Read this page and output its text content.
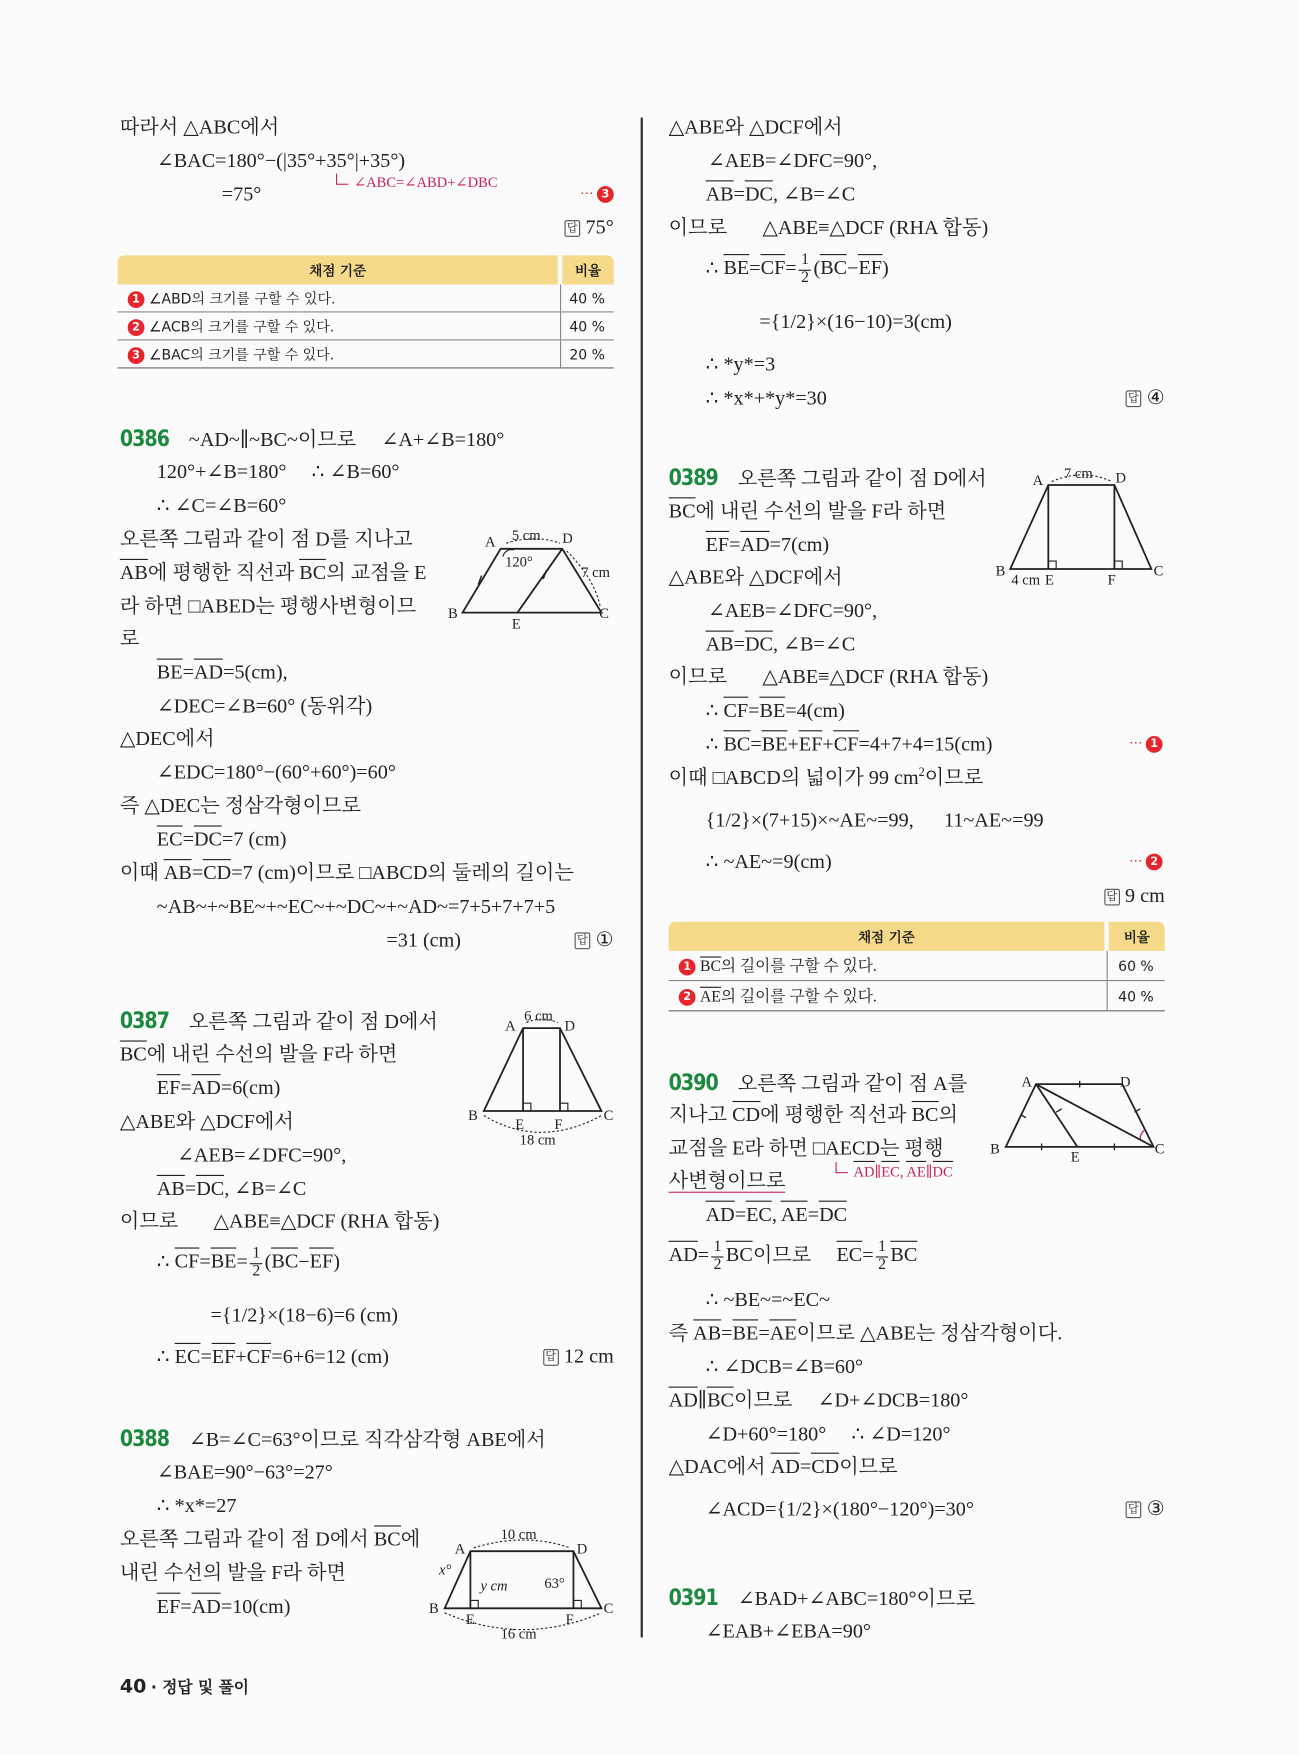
따라서 △ABC에서
∠BAC=180°−(|35°+35°|+35°)
∠ABC=∠ABD+∠DBC
=75°	⋯ 3
답 75°
채점 기준	비율
1 ∠ABD의 크기를 구할 수 있다.	40 %
2 ∠ACB의 크기를 구할 수 있다.	40 %
3 ∠BAC의 크기를 구할 수 있다.	20 %
0386 ~AD~∥~BC~이므로     ∠A+∠B=180°
120°+∠B=180°     ∴ ∠B=60°
∴ ∠C=∠B=60°
오른쪽 그림과 같이 점 D를 지나고
AB에 평행한 직선과 BC의 교점을 E
라 하면 □ABED는 평행사변형이므
로
BE=AD=5(cm),
∠DEC=∠B=60° (동위각)
△DEC에서
∠EDC=180°−(60°+60°)=60°
즉 △DEC는 정삼각형이므로
EC=DC=7 (cm)
이때 AB=CD=7 (cm)이므로 □ABCD의 둘레의 길이는
~AB~+~BE~+~EC~+~DC~+~AD~=7+5+7+7+5
=31 (cm)	답 ①
0387 오른쪽 그림과 같이 점 D에서
BC에 내린 수선의 발을 F라 하면
EF=AD=6(cm)
△ABE와 △DCF에서
∠AEB=∠DFC=90°,
AB=DC, ∠B=∠C
이므로       △ABE≡△DCF (RHA 합동)
∴ $CF=BE= \frac{1}{2} (BC-EF)$
={1/2}×(18−6)=6 (cm)
∴ EC=EF+CF=6+6=12 (cm)	답 12 cm
0388 ∠B=∠C=63°이므로 직각삼각형 ABE에서
∠BAE=90°−63°=27°
∴ *x*=27
오른쪽 그림과 같이 점 D에서 BC에
내린 수선의 발을 F라 하면
EF=AD=10(cm)
△ABE와 △DCF에서
∠AEB=∠DFC=90°,
AB=DC, ∠B=∠C
이므로       △ABE≡△DCF (RHA 합동)
∴ $BE=CF= \frac{1}{2} (BC-EF)$
={1/2}×(16−10)=3(cm)
∴ *y*=3
∴ *x*+*y*=30	답 ④
0389 오른쪽 그림과 같이 점 D에서
BC에 내린 수선의 발을 F라 하면
EF=AD=7(cm)
△ABE와 △DCF에서
∠AEB=∠DFC=90°,
AB=DC, ∠B=∠C
이므로       △ABE≡△DCF (RHA 합동)
∴ CF=BE=4(cm)
∴ BC=BE+EF+CF=4+7+4=15(cm)	⋯ 1
이때 □ABCD의 넓이가 99 $cm^2$이므로
{1/2}×(7+15)×~AE~=99,      11~AE~=99
∴ ~AE~=9(cm)	⋯ 2
답 9 cm
채점 기준	비율
1 BC의 길이를 구할 수 있다.	60 %
2 AE의 길이를 구할 수 있다.	40 %
0390 오른쪽 그림과 같이 점 A를
지나고 CD에 평행한 직선과 BC의
교점을 E라 하면 □AECD는 평행
사변형이므로	AD∥EC, AE∥DC
AD=EC, AE=DC
$AD= \frac{1}{2}$ BC이므로     $EC= \frac{1}{2}$ BC
∴ ~BE~=~EC~
즉 AB=BE=AE이므로 △ABE는 정삼각형이다.
∴ ∠DCB=∠B=60°
AD∥BC이므로     ∠D+∠DCB=180°
∠D+60°=180°     ∴ ∠D=120°
△DAC에서 AD=CD이므로
∠ACD={1/2}×(180°−120°)=30°	답 ③
0391 ∠BAD+∠ABC=180°이므로
∠EAB+∠EBA=90°
A	D
B	C
E
5 cm
120°
7 cm
A	D
B	C
E F
6 cm
18 cm
A	D
B	C
E	F
10 cm
x°
y cm	63°
16 cm
A	D
B	C
4 cm E	F
7 cm
A	D
B	C
E
40 · 정답 및 풀이
